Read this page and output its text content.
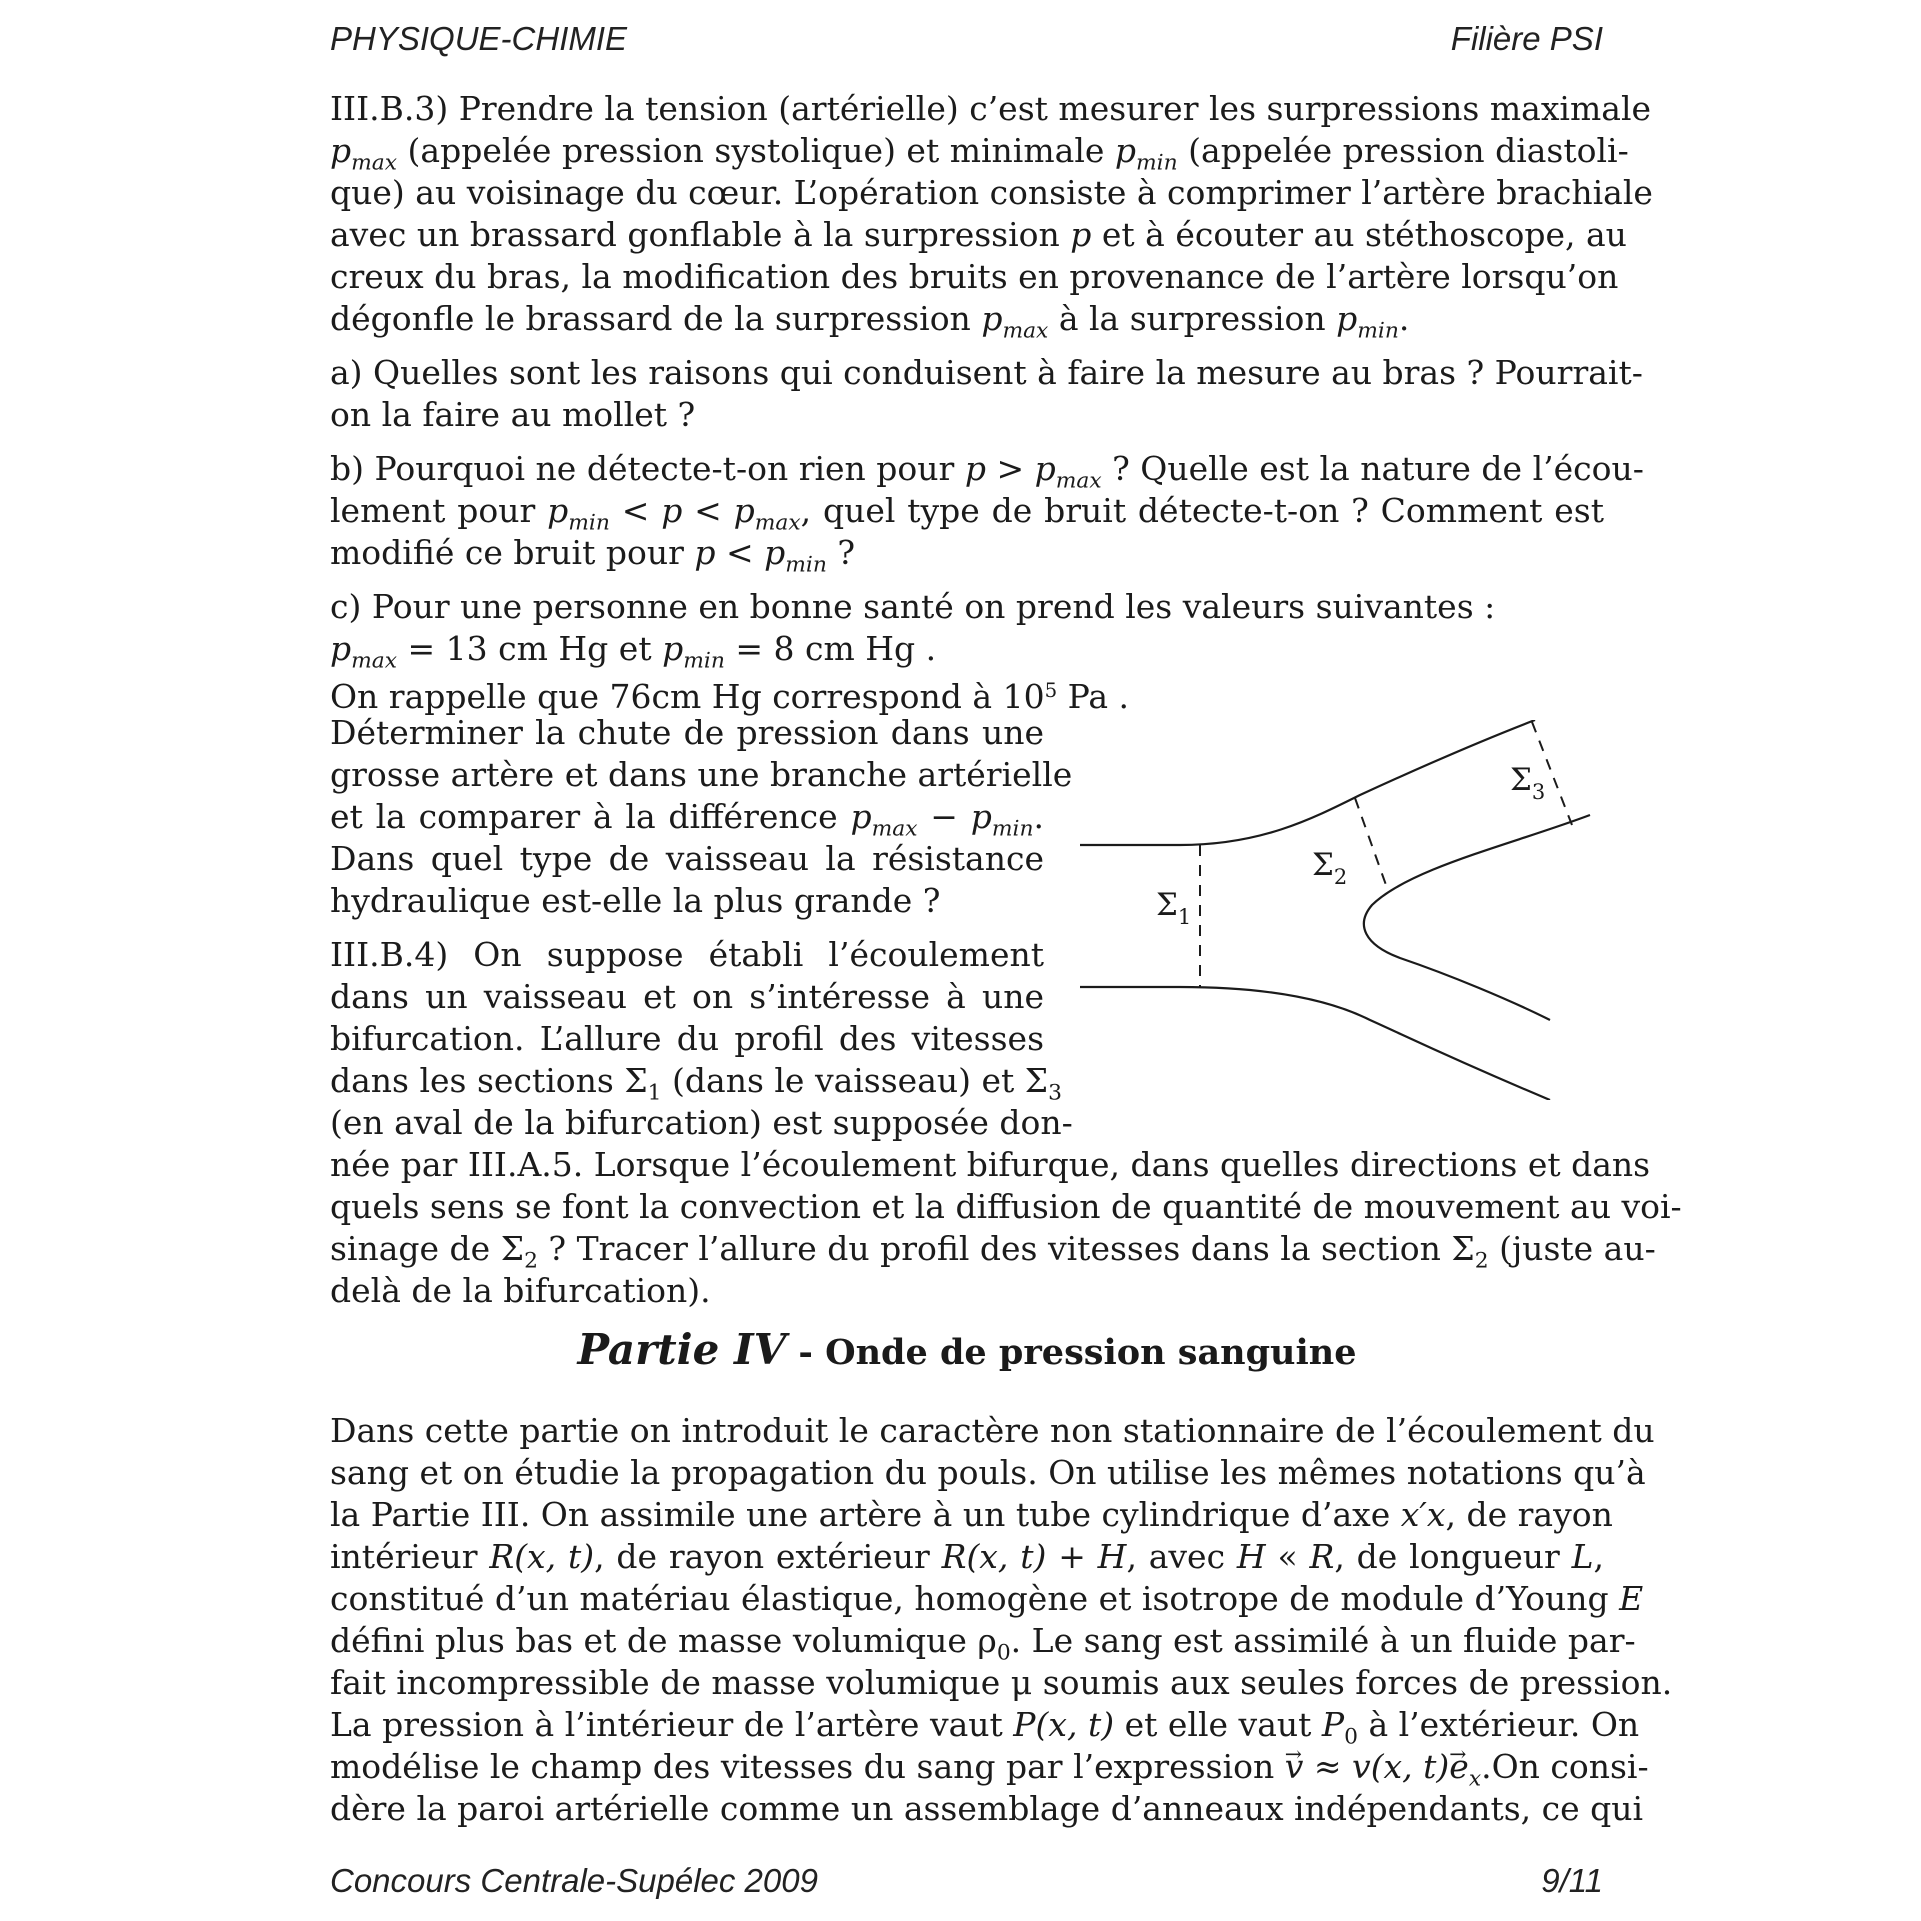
PHYSIQUE-CHIMIE	Filière PSI
III.B.3) Prendre la tension (artérielle) c’est mesurer les surpressions maximale
$p_{max}$ (appelée pression systolique) et minimale $p_{min}$ (appelée pression diastoli-
que) au voisinage du cœur. L’opération consiste à comprimer l’artère brachiale
avec un brassard gonflable à la surpression p et à écouter au stéthoscope, au
creux du bras, la modification des bruits en provenance de l’artère lorsqu’on
dégonfle le brassard de la surpression $p_{max}$ à la surpression $p_{min}$.
a) Quelles sont les raisons qui conduisent à faire la mesure au bras ? Pourrait-
on la faire au mollet ?
b) Pourquoi ne détecte-t-on rien pour $p > p_{max}$ ? Quelle est la nature de l’écou-
lement pour $p_{min} < p < p_{max}$, quel type de bruit détecte-t-on ? Comment est
modifié ce bruit pour $p < p_{min}$ ?
c) Pour une personne en bonne santé on prend les valeurs suivantes :
$p_{max} = 13$ cm Hg et $p_{min} = 8$ cm Hg .
On rappelle que 76cm Hg correspond à $10^5$ Pa .
Déterminer la chute de pression dans une
grosse artère et dans une branche artérielle
et la comparer à la différence $p_{max} - p_{min}$.
Dans quel type de vaisseau la résistance
hydraulique est-elle la plus grande ?
III.B.4) On suppose établi l’écoulement
dans un vaisseau et on s’intéresse à une
bifurcation. L’allure du profil des vitesses
dans les sections $\Sigma_1$ (dans le vaisseau) et $\Sigma_3$
(en aval de la bifurcation) est supposée don-
née par III.A.5. Lorsque l’écoulement bifurque, dans quelles directions et dans
quels sens se font la convection et la diffusion de quantité de mouvement au voi-
sinage de $\Sigma_2$ ? Tracer l’allure du profil des vitesses dans la section $\Sigma_2$ (juste au-
delà de la bifurcation).
Partie IV - Onde de pression sanguine
Dans cette partie on introduit le caractère non stationnaire de l’écoulement du
sang et on étudie la propagation du pouls. On utilise les mêmes notations qu’à
la Partie III. On assimile une artère à un tube cylindrique d’axe x′x, de rayon
intérieur R(x, t), de rayon extérieur R(x, t) + H, avec H « R, de longueur L,
constitué d’un matériau élastique, homogène et isotrope de module d’Young E
défini plus bas et de masse volumique $\rho_0$. Le sang est assimilé à un fluide par-
fait incompressible de masse volumique μ soumis aux seules forces de pression.
La pression à l’intérieur de l’artère vaut P(x, t) et elle vaut $P_0$ à l’extérieur. On
modélise le champ des vitesses du sang par l’expression → v ≈ v(x, $t)\to e_x.On$ consi-
dère la paroi artérielle comme un assemblage d’anneaux indépendants, ce qui
$\Sigma_1$
$\Sigma_2$
$\Sigma_3$
Concours Centrale-Supélec 2009	9/11
